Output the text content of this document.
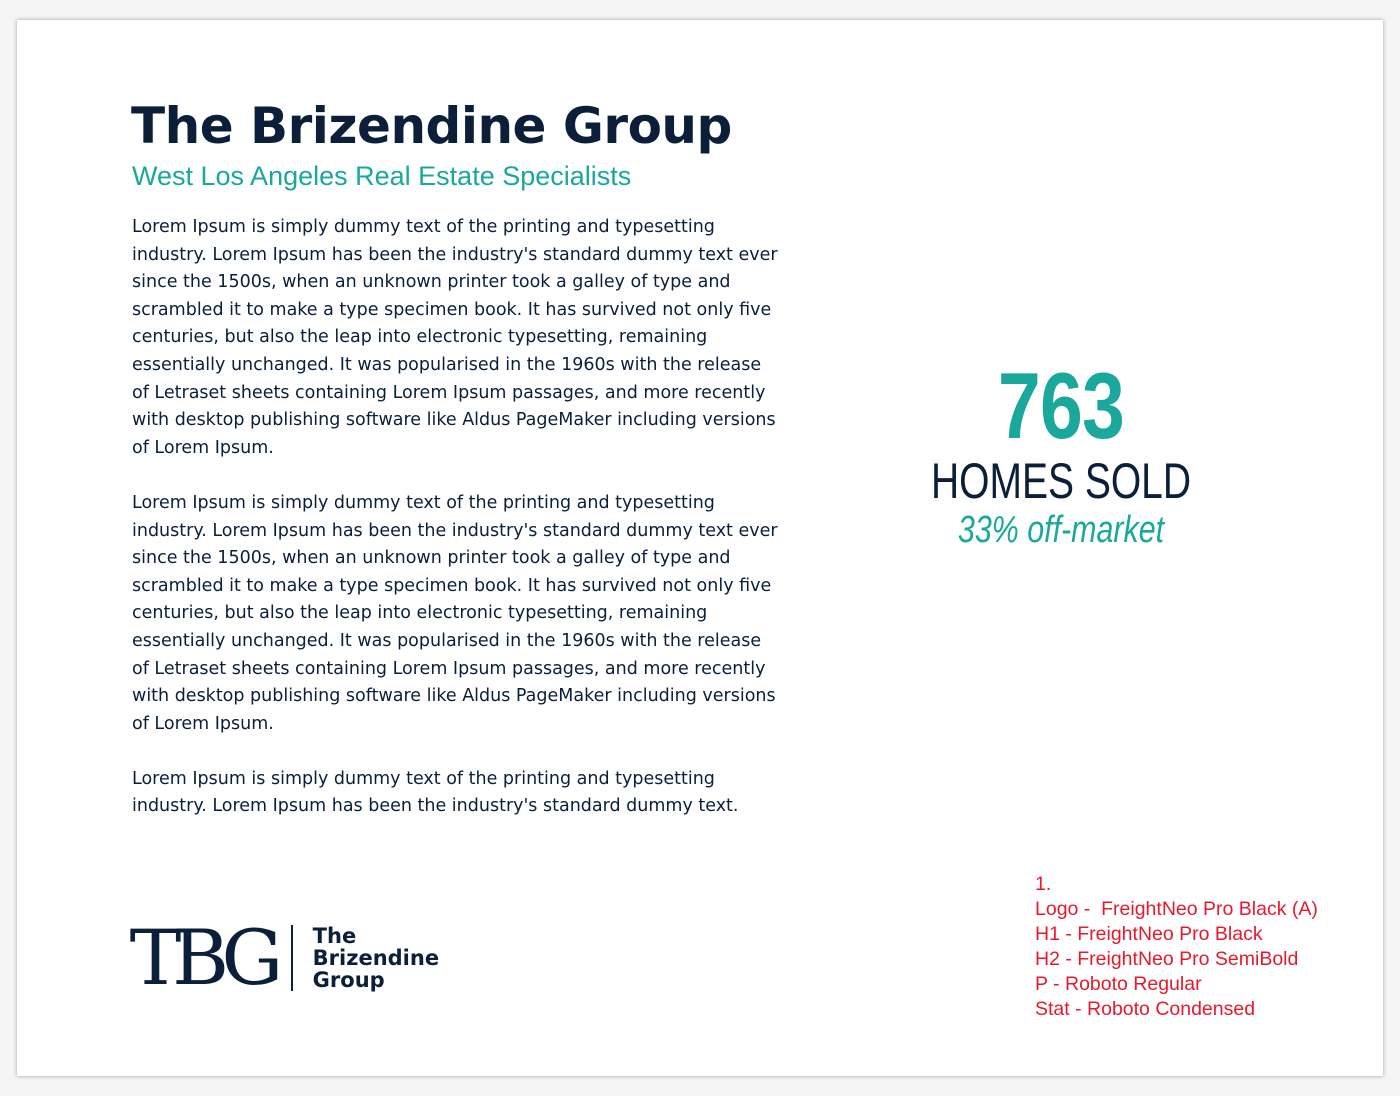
The Brizendine Group
West Los Angeles Real Estate Specialists

Lorem Ipsum is simply dummy text of the printing and typesetting industry. Lorem Ipsum has been the industry's standard dummy text ever since the 1500s, when an unknown printer took a galley of type and scrambled it to make a type specimen book. It has survived not only five centuries, but also the leap into electronic typesetting, remaining essentially unchanged. It was popularised in the 1960s with the release of Letraset sheets containing Lorem Ipsum passages, and more recently with desktop publishing software like Aldus PageMaker including versions of Lorem Ipsum.

Lorem Ipsum is simply dummy text of the printing and typesetting industry. Lorem Ipsum has been the industry's standard dummy text ever since the 1500s, when an unknown printer took a galley of type and scrambled it to make a type specimen book. It has survived not only five centuries, but also the leap into electronic typesetting, remaining essentially unchanged. It was popularised in the 1960s with the release of Letraset sheets containing Lorem Ipsum passages, and more recently with desktop publishing software like Aldus PageMaker including versions of Lorem Ipsum.

Lorem Ipsum is simply dummy text of the printing and typesetting industry. Lorem Ipsum has been the industry's standard dummy text.

763
HOMES SOLD
33% off-market
TBG The
Brizendine
Group
1.
Logo -  FreightNeo Pro Black (A)
H1 - FreightNeo Pro Black
H2 - FreightNeo Pro SemiBold
P - Roboto Regular
Stat - Roboto Condensed
